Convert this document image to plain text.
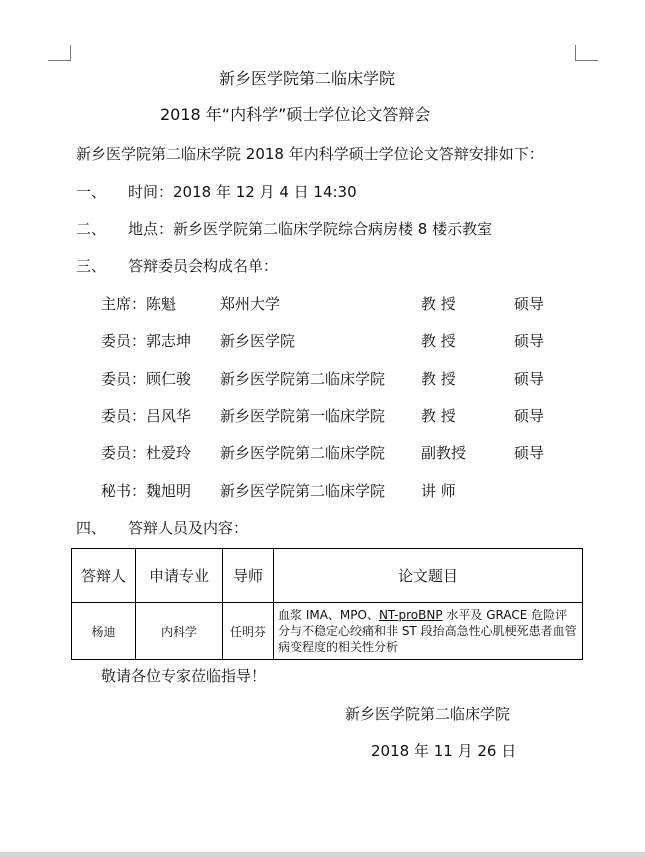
新乡医学院第二临床学院
2018 年“内科学”硕士学位论文答辩会
新乡医学院第二临床学院 2018 年内科学硕士学位论文答辩安排如下：
一、	时间：2018 年 12 月 4 日 14:30
二、	地点：新乡医学院第二临床学院综合病房楼 8 楼示教室
三、	答辩委员会构成名单：
主席：陈魁	郑州大学	教 授	硕导
委员：郭志坤 新乡医学院	教 授	硕导
委员：顾仁骏 新乡医学院第二临床学院 教 授	硕导
委员：吕风华 新乡医学院第一临床学院 教 授	硕导
委员：杜爱玲 新乡医学院第二临床学院 副教授	硕导
秘书：魏旭明 新乡医学院第二临床学院 讲 师
四、	答辩人员及内容：
答辩人	申请专业	导师	论文题目
杨迪	内科学	任明芬	血浆 IMA、MPO、NT-proBNP 水平及 GRACE 危险评分与不稳定心绞痛和非 ST 段抬高急性心肌梗死患者血管病变程度的相关性分析
敬请各位专家莅临指导！
新乡医学院第二临床学院
2018 年 11 月 26 日
